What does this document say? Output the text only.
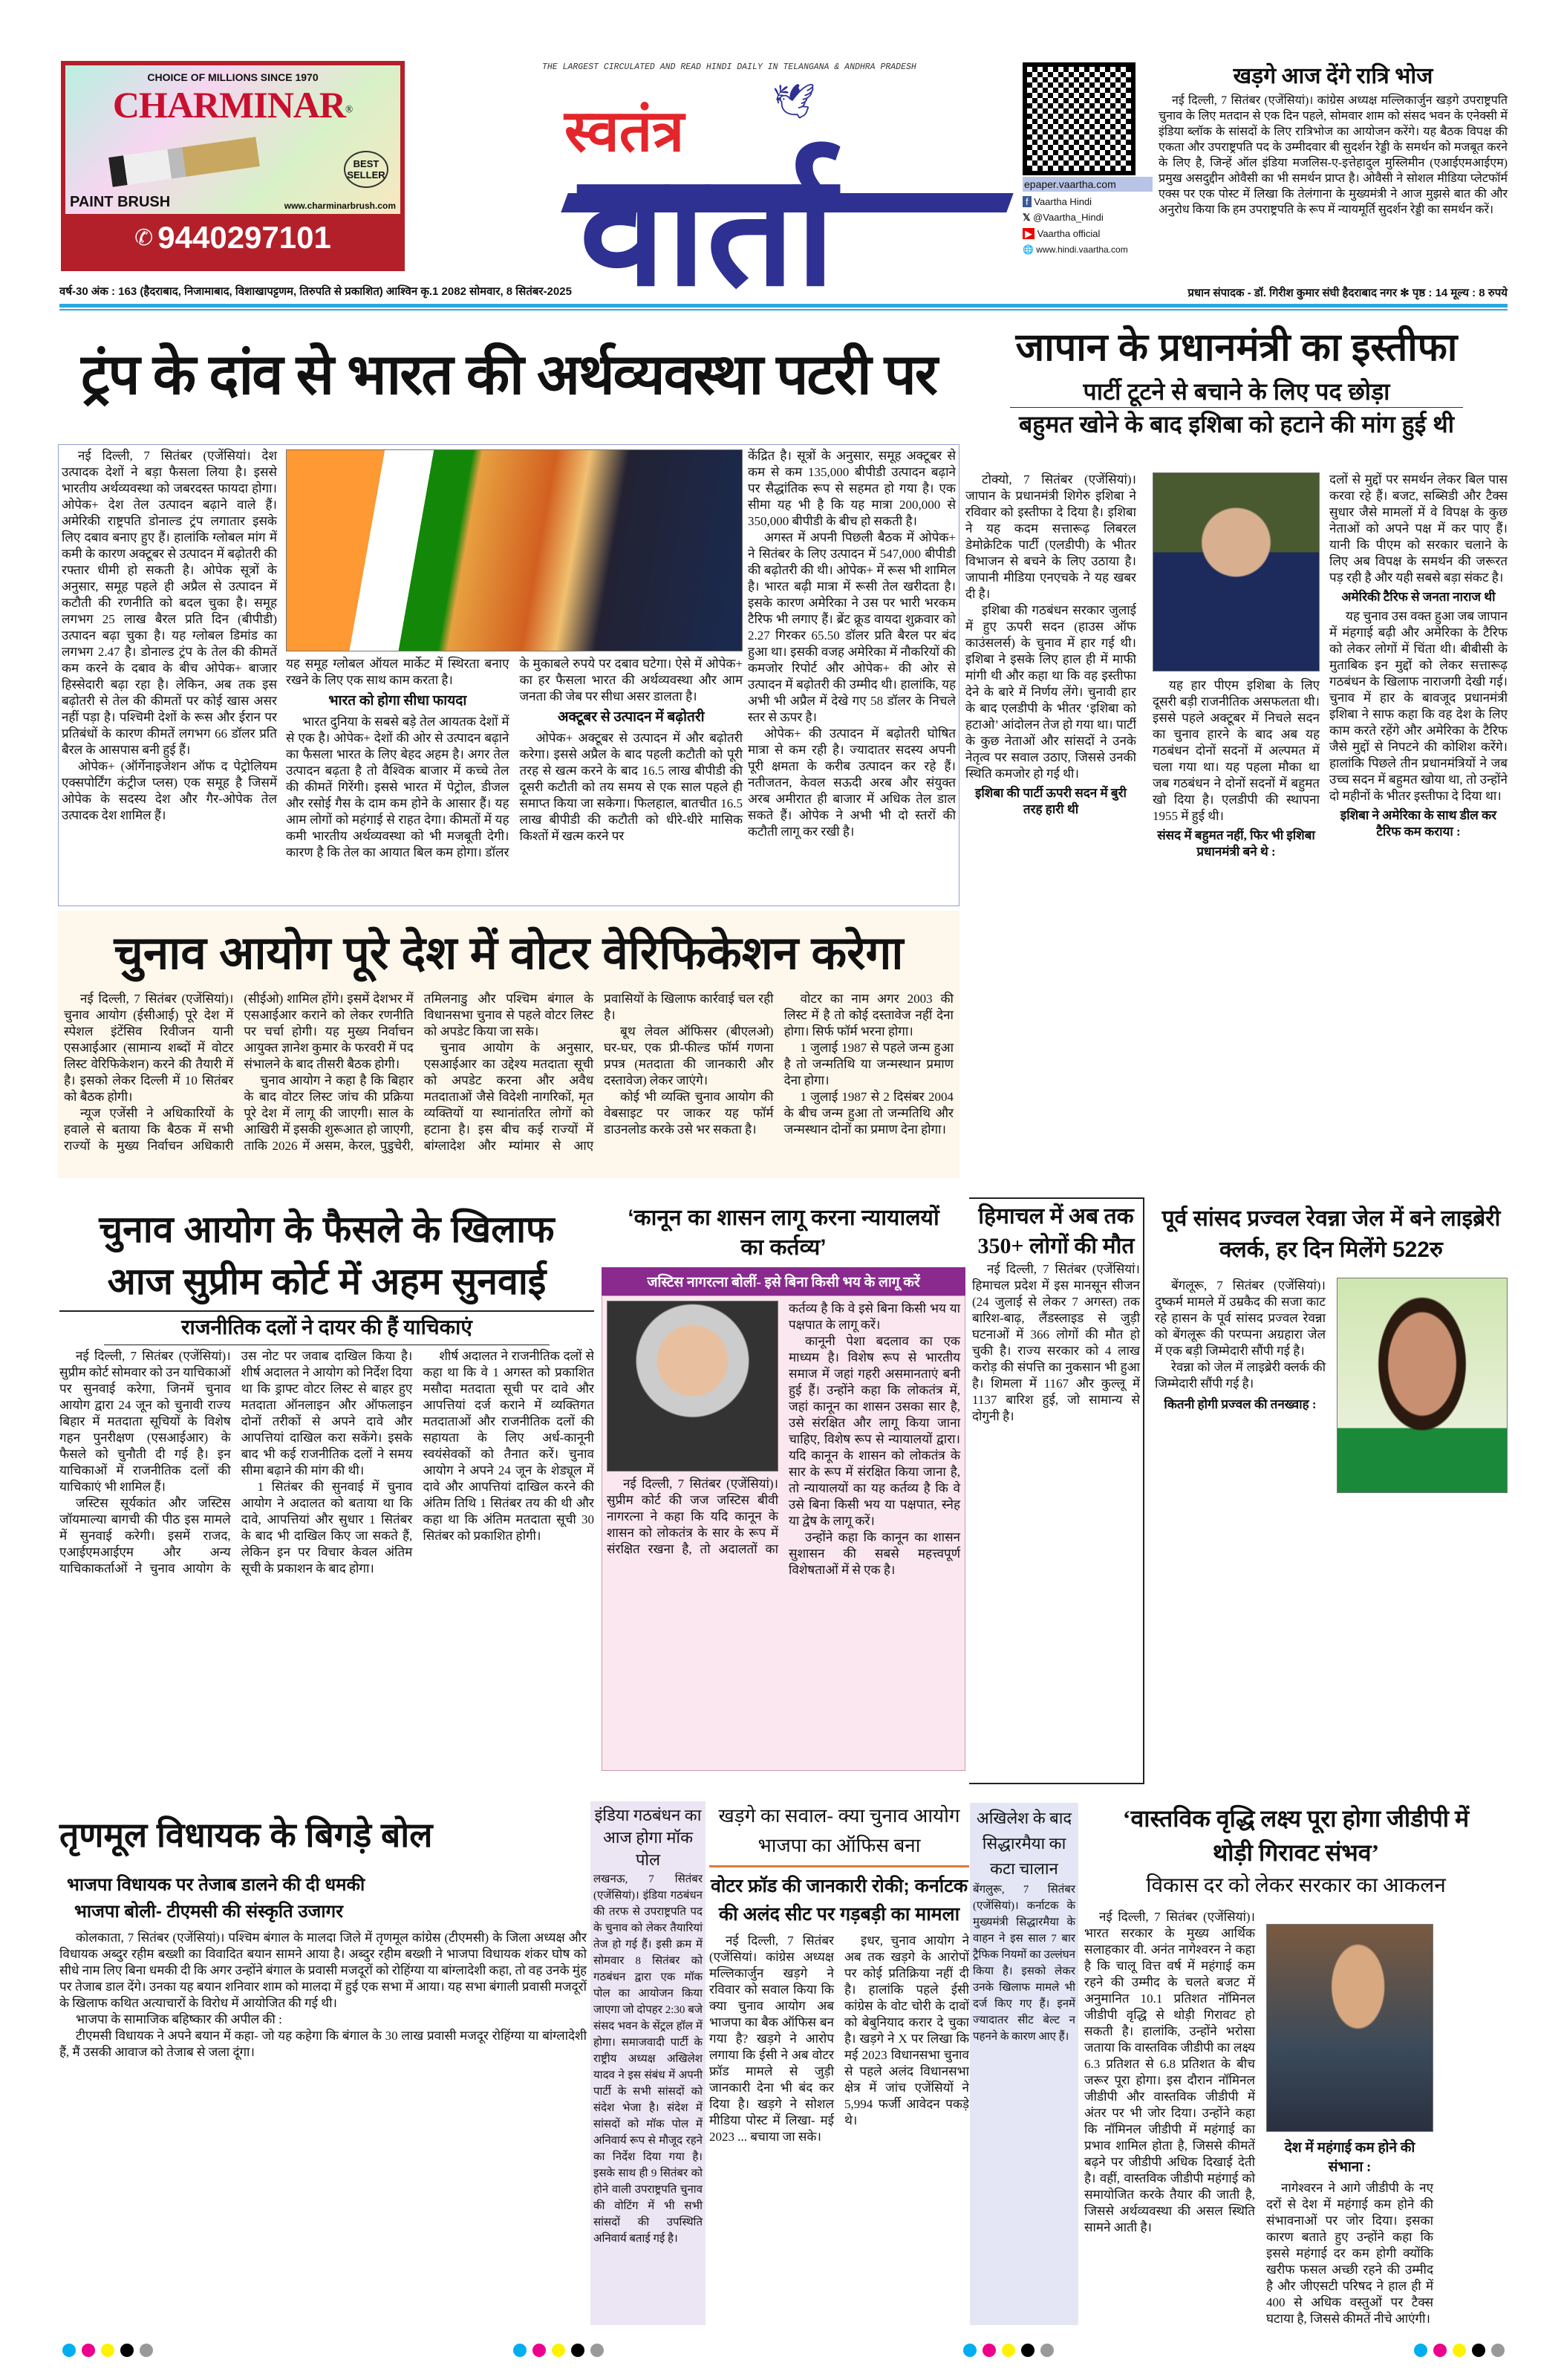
CHOICE OF MILLIONS SINCE 1970
CHARMINAR®
BEST SELLER
PAINT BRUSH	www.charminarbrush.com
✆ 9440297101
THE LARGEST CIRCULATED AND READ HINDI DAILY IN TELANGANA & ANDHRA PRADESH
स्वतंत्र	🕊
वार्ता	epaper.vaartha.com
f Vaartha Hindi
𝕏 @Vaartha_Hindi
▶ Vaartha official
🌐 www.hindi.vaartha.com
खड़गे आज देंगे रात्रि भोज

नई दिल्ली, 7 सितंबर (एजेंसियां)। कांग्रेस अध्यक्ष मल्लिकार्जुन खड़गे उपराष्ट्रपति चुनाव के लिए मतदान से एक दिन पहले, सोमवार शाम को संसद भवन के एनेक्सी में इंडिया ब्लॉक के सांसदों के लिए रात्रिभोज का आयोजन करेंगे। यह बैठक विपक्ष की एकता और उपराष्ट्रपति पद के उम्मीदवार बी सुदर्शन रेड्डी के समर्थन को मजबूत करने के लिए है, जिन्हें ऑल इंडिया मजलिस-ए-इत्तेहादुल मुस्लिमीन (एआईएमआईएम) प्रमुख असदुद्दीन ओवैसी का भी समर्थन प्राप्त है। ओवैसी ने सोशल मीडिया प्लेटफॉर्म एक्स पर एक पोस्ट में लिखा कि तेलंगाना के मुख्यमंत्री ने आज मुझसे बात की और अनुरोध किया कि हम उपराष्ट्रपति के रूप में न्यायमूर्ति सुदर्शन रेड्डी का समर्थन करें।

वर्ष-30 अंक : 163 (हैदराबाद, निजामाबाद, विशाखापट्टणम, तिरुपति से प्रकाशित) आश्विन कृ.1 2082 सोमवार, 8 सितंबर-2025	प्रधान संपादक - डॉ. गिरीश कुमार संघी हैदराबाद नगर ✻ पृष्ठ : 14 मूल्य : 8 रुपये
ट्रंप के दांव से भारत की अर्थव्यवस्था पटरी पर

नई दिल्ली, 7 सितंबर (एजेंसियां। देश उत्पादक देशों ने बड़ा फैसला लिया है। इससे भारतीय अर्थव्यवस्था को जबरदस्त फायदा होगा। ओपेक+ देश तेल उत्पादन बढ़ाने वाले हैं। अमेरिकी राष्ट्रपति डोनाल्ड ट्रंप लगातार इसके लिए दबाव बनाए हुए हैं। हालांकि ग्लोबल मांग में कमी के कारण अक्टूबर से उत्पादन में बढ़ोतरी की रफ्तार धीमी हो सकती है। ओपेक सूत्रों के अनुसार, समूह पहले ही अप्रैल से उत्पादन में कटौती की रणनीति को बदल चुका है। समूह लगभग 25 लाख बैरल प्रति दिन (बीपीडी) उत्पादन बढ़ा चुका है। यह ग्लोबल डिमांड का लगभग 2.47 है। डोनाल्ड ट्रंप के तेल की कीमतें कम करने के दबाव के बीच ओपेक+ बाजार हिस्सेदारी बढ़ा रहा है। लेकिन, अब तक इस बढ़ोतरी से तेल की कीमतों पर कोई खास असर नहीं पड़ा है। पश्चिमी देशों के रूस और ईरान पर प्रतिबंधों के कारण कीमतें लगभग 66 डॉलर प्रति बैरल के आसपास बनी हुई हैं।

ओपेक+ (ऑर्गेनाइजेशन ऑफ द पेट्रोलियम एक्सपोर्टिंग कंट्रीज प्लस) एक समूह है जिसमें ओपेक के सदस्य देश और गैर-ओपेक तेल उत्पादक देश शामिल हैं।

यह समूह ग्लोबल ऑयल मार्केट में स्थिरता बनाए रखने के लिए एक साथ काम करता है।

भारत को होगा सीधा फायदा

भारत दुनिया के सबसे बड़े तेल आयतक देशों में से एक है। ओपेक+ देशों की ओर से उत्पादन बढ़ाने का फैसला भारत के लिए बेहद अहम है। अगर तेल उत्पादन बढ़ता है तो वैश्विक बाजार में कच्चे तेल की कीमतें गिरेंगी। इससे भारत में पेट्रोल, डीजल और रसोई गैस के दाम कम होने के आसार हैं। यह आम लोगों को महंगाई से राहत देगा। कीमतों में यह कमी भारतीय अर्थव्यवस्था को भी मजबूती देगी। कारण है कि तेल का आयात बिल कम होगा। डॉलर के मुकाबले रुपये पर दबाव घटेगा। ऐसे में ओपेक+ का हर फैसला भारत की अर्थव्यवस्था और आम जनता की जेब पर सीधा असर डालता है।

अक्टूबर से उत्पादन में बढ़ोतरी

ओपेक+ अक्टूबर से उत्पादन में और बढ़ोतरी करेगा। इससे अप्रैल के बाद पहली कटौती को पूरी तरह से खत्म करने के बाद 16.5 लाख बीपीडी की दूसरी कटौती को तय समय से एक साल पहले ही समाप्त किया जा सकेगा। फिलहाल, बातचीत 16.5 लाख बीपीडी की कटौती को धीरे-धीरे मासिक किश्तों में खत्म करने पर

केंद्रित है। सूत्रों के अनुसार, समूह अक्टूबर से कम से कम 135,000 बीपीडी उत्पादन बढ़ाने पर सैद्धांतिक रूप से सहमत हो गया है। एक सीमा यह भी है कि यह मात्रा 200,000 से 350,000 बीपीडी के बीच हो सकती है।

अगस्त में अपनी पिछली बैठक में ओपेक+ ने सितंबर के लिए उत्पादन में 547,000 बीपीडी की बढ़ोतरी की थी। ओपेक+ में रूस भी शामिल है। भारत बढ़ी मात्रा में रूसी तेल खरीदता है। इसके कारण अमेरिका ने उस पर भारी भरकम टैरिफ भी लगाए हैं। ब्रेंट क्रूड वायदा शुक्रवार को 2.27 गिरकर 65.50 डॉलर प्रति बैरल पर बंद हुआ था। इसकी वजह अमेरिका में नौकरियों की कमजोर रिपोर्ट और ओपेक+ की ओर से उत्पादन में बढ़ोतरी की उम्मीद थी। हालांकि, यह अभी भी अप्रैल में देखे गए 58 डॉलर के निचले स्तर से ऊपर है।

ओपेक+ की उत्पादन में बढ़ोतरी घोषित मात्रा से कम रही है। ज्यादातर सदस्य अपनी पूरी क्षमता के करीब उत्पादन कर रहे हैं। नतीजतन, केवल सऊदी अरब और संयुक्त अरब अमीरात ही बाजार में अधिक तेल डाल सकते हैं। ओपेक ने अभी भी दो स्तरों की कटौती लागू कर रखी है।

जापान के प्रधानमंत्री का इस्तीफा
पार्टी टूटने से बचाने के लिए पद छोड़ा
बहुमत खोने के बाद इशिबा को हटाने की मांग हुई थी

टोक्यो, 7 सितंबर (एजेंसियां)। जापान के प्रधानमंत्री शिगेरु इशिबा ने रविवार को इस्तीफा दे दिया है। इशिबा ने यह कदम सत्तारूढ़ लिबरल डेमोक्रेटिक पार्टी (एलडीपी) के भीतर विभाजन से बचने के लिए उठाया है। जापानी मीडिया एनएचके ने यह खबर दी है।

इशिबा की गठबंधन सरकार जुलाई में हुए ऊपरी सदन (हाउस ऑफ काउंसलर्स) के चुनाव में हार गई थी। इशिबा ने इसके लिए हाल ही में माफी मांगी थी और कहा था कि वह इस्तीफा देने के बारे में निर्णय लेंगे। चुनावी हार के बाद एलडीपी के भीतर ‘इशिबा को हटाओ’ आंदोलन तेज हो गया था। पार्टी के कुछ नेताओं और सांसदों ने उनके नेतृत्व पर सवाल उठाए, जिससे उनकी स्थिति कमजोर हो गई थी।

इशिबा की पार्टी ऊपरी सदन में बुरी तरह हारी थी

यह हार पीएम इशिबा के लिए दूसरी बड़ी राजनीतिक असफलता थी। इससे पहले अक्टूबर में निचले सदन का चुनाव हारने के बाद अब यह गठबंधन दोनों सदनों में अल्पमत में चला गया था। यह पहला मौका था जब गठबंधन ने दोनों सदनों में बहुमत खो दिया है। एलडीपी की स्थापना 1955 में हुई थी।

संसद में बहुमत नहीं, फिर भी इशिबा प्रधानमंत्री बने थे :

दलों से मुद्दों पर समर्थन लेकर बिल पास करवा रहे हैं। बजट, सब्सिडी और टैक्स सुधार जैसे मामलों में वे विपक्ष के कुछ नेताओं को अपने पक्ष में कर पाए हैं। यानी कि पीएम को सरकार चलाने के लिए अब विपक्ष के समर्थन की जरूरत पड़ रही है और यही सबसे बड़ा संकट है।

अमेरिकी टैरिफ से जनता नाराज थी

यह चुनाव उस वक्त हुआ जब जापान में मंहगाई बढ़ी और अमेरिका के टैरिफ को लेकर लोगों में चिंता थी। बीबीसी के मुताबिक इन मुद्दों को लेकर सत्तारूढ़ गठबंधन के खिलाफ नाराजगी देखी गई। चुनाव में हार के बावजूद प्रधानमंत्री इशिबा ने साफ कहा कि वह देश के लिए काम करते रहेंगे और अमेरिका के टैरिफ जैसे मुद्दों से निपटने की कोशिश करेंगे। हालांकि पिछले तीन प्रधानमंत्रियों ने जब उच्च सदन में बहुमत खोया था, तो उन्होंने दो महीनों के भीतर इस्तीफा दे दिया था।

इशिबा ने अमेरिका के साथ डील कर टैरिफ कम कराया :
चुनाव आयोग पूरे देश में वोटर वेरिफिकेशन करेगा

नई दिल्ली, 7 सितंबर (एजेंसियां)। चुनाव आयोग (ईसीआई) पूरे देश में स्पेशल इंटेंसिव रिवीजन यानी एसआईआर (सामान्य शब्दों में वोटर लिस्ट वेरिफिकेशन) करने की तैयारी में है। इसको लेकर दिल्ली में 10 सितंबर को बैठक होगी।

न्यूज एजेंसी ने अधिकारियों के हवाले से बताया कि बैठक में सभी राज्यों के मुख्य निर्वाचन अधिकारी (सीईओ) शामिल होंगे। इसमें देशभर में एसआईआर कराने को लेकर रणनीति पर चर्चा होगी। यह मुख्य निर्वाचन आयुक्त ज्ञानेश कुमार के फरवरी में पद संभालने के बाद तीसरी बैठक होगी।

चुनाव आयोग ने कहा है कि बिहार के बाद वोटर लिस्ट जांच की प्रक्रिया पूरे देश में लागू की जाएगी। साल के आखिरी में इसकी शुरूआत हो जाएगी, ताकि 2026 में असम, केरल, पुडुचेरी, तमिलनाडु और पश्चिम बंगाल के विधानसभा चुनाव से पहले वोटर लिस्ट को अपडेट किया जा सके।

चुनाव आयोग के अनुसार, एसआईआर का उद्देश्य मतदाता सूची को अपडेट करना और अवैध मतदाताओं जैसे विदेशी नागरिकों, मृत व्यक्तियों या स्थानांतरित लोगों को हटाना है। इस बीच कई राज्यों में बांग्लादेश और म्यांमार से आए प्रवासियों के खिलाफ कार्रवाई चल रही है।

बूथ लेवल ऑफिसर (बीएलओ) घर-घर, एक प्री-फील्ड फॉर्म गणना प्रपत्र (मतदाता की जानकारी और दस्तावेज) लेकर जाएंगे।

कोई भी व्यक्ति चुनाव आयोग की वेबसाइट पर जाकर यह फॉर्म डाउनलोड करके उसे भर सकता है।

वोटर का नाम अगर 2003 की लिस्ट में है तो कोई दस्तावेज नहीं देना होगा। सिर्फ फॉर्म भरना होगा।

1 जुलाई 1987 से पहले जन्म हुआ है तो जन्मतिथि या जन्मस्थान प्रमाण देना होगा।

1 जुलाई 1987 से 2 दिसंबर 2004 के बीच जन्म हुआ तो जन्मतिथि और जन्मस्थान दोनों का प्रमाण देना होगा।

चुनाव आयोग के फैसले के खिलाफ
आज सुप्रीम कोर्ट में अहम सुनवाई
राजनीतिक दलों ने दायर की हैं याचिकाएं

नई दिल्ली, 7 सितंबर (एजेंसियां)। सुप्रीम कोर्ट सोमवार को उन याचिकाओं पर सुनवाई करेगा, जिनमें चुनाव आयोग द्वारा 24 जून को चुनावी राज्य बिहार में मतदाता सूचियों के विशेष गहन पुनरीक्षण (एसआईआर) के फैसले को चुनौती दी गई है। इन याचिकाओं में राजनीतिक दलों की याचिकाएं भी शामिल हैं।

जस्टिस सूर्यकांत और जस्टिस जॉयमाल्या बागची की पीठ इस मामले में सुनवाई करेगी। इसमें राजद, एआईएमआईएम और अन्य याचिकाकर्ताओं ने चुनाव आयोग के उस नोट पर जवाब दाखिल किया है। शीर्ष अदालत ने आयोग को निर्देश दिया था कि ड्राफ्ट वोटर लिस्ट से बाहर हुए मतदाता ऑनलाइन और ऑफलाइन दोनों तरीकों से अपने दावे और आपत्तियां दाखिल करा सकेंगे। इसके बाद भी कई राजनीतिक दलों ने समय सीमा बढ़ाने की मांग की थी।

1 सितंबर की सुनवाई में चुनाव आयोग ने अदालत को बताया था कि दावे, आपत्तियां और सुधार 1 सितंबर के बाद भी दाखिल किए जा सकते हैं, लेकिन इन पर विचार केवल अंतिम सूची के प्रकाशन के बाद होगा।

शीर्ष अदालत ने राजनीतिक दलों से कहा था कि वे 1 अगस्त को प्रकाशित मसौदा मतदाता सूची पर दावे और आपत्तियां दर्ज कराने में व्यक्तिगत मतदाताओं और राजनीतिक दलों की सहायता के लिए अर्ध-कानूनी स्वयंसेवकों को तैनात करें। चुनाव आयोग ने अपने 24 जून के शेड्यूल में दावे और आपत्तियां दाखिल करने की अंतिम तिथि 1 सितंबर तय की थी और कहा था कि अंतिम मतदाता सूची 30 सितंबर को प्रकाशित होगी।

‘कानून का शासन लागू करना न्यायालयों का कर्तव्य’
जस्टिस नागरत्ना बोलीं- इसे बिना किसी भय के लागू करें

नई दिल्ली, 7 सितंबर (एजेंसियां)। सुप्रीम कोर्ट की जज जस्टिस बीवी नागरत्ना ने कहा कि यदि कानून के शासन को लोकतंत्र के सार के रूप में संरक्षित रखना है, तो अदालतों का कर्तव्य है कि वे इसे बिना किसी भय या पक्षपात के लागू करें।

कानूनी पेशा बदलाव का एक माध्यम है। विशेष रूप से भारतीय समाज में जहां गहरी असमानताएं बनी हुई हैं। उन्होंने कहा कि लोकतंत्र में, जहां कानून का शासन उसका सार है, उसे संरक्षित और लागू किया जाना चाहिए, विशेष रूप से न्यायालयों द्वारा। यदि कानून के शासन को लोकतंत्र के सार के रूप में संरक्षित किया जाना है, तो न्यायालयों का यह कर्तव्य है कि वे उसे बिना किसी भय या पक्षपात, स्नेह या द्वेष के लागू करें।

उन्होंने कहा कि कानून का शासन सुशासन की सबसे महत्त्वपूर्ण विशेषताओं में से एक है।

हिमाचल में अब तक 350+ लोगों की मौत

नई दिल्ली, 7 सितंबर (एजेंसियां। हिमाचल प्रदेश में इस मानसून सीजन (24 जुलाई से लेकर 7 अगस्त) तक बारिश-बाढ़, लैंडस्लाइड से जुड़ी घटनाओं में 366 लोगों की मौत हो चुकी है। राज्य सरकार को 4 लाख करोड़ की संपत्ति का नुकसान भी हुआ है। शिमला में 1167 और कुल्लू में 1137 बारिश हुई, जो सामान्य से दोगुनी है।

पूर्व सांसद प्रज्वल रेवन्ना जेल में बने लाइब्रेरी क्लर्क, हर दिन मिलेंगे 522रु

बेंगलूरू, 7 सितंबर (एजेंसियां)। दुष्कर्म मामले में उम्रकैद की सजा काट रहे हासन के पूर्व सांसद प्रज्वल रेवन्ना को बेंगलूरू की परप्पना अग्रहारा जेल में एक बड़ी जिम्मेदारी सौंपी गई है।

रेवन्ना को जेल में लाइब्रेरी क्लर्क की जिम्मेदारी सौंपी गई है।

कितनी होगी प्रज्वल की तनख्वाह :
तृणमूल विधायक के बिगड़े बोल
भाजपा विधायक पर तेजाब डालने की दी धमकी
भाजपा बोली- टीएमसी की संस्कृति उजागर

कोलकाता, 7 सितंबर (एजेंसियां)। पश्चिम बंगाल के मालदा जिले में तृणमूल कांग्रेस (टीएमसी) के जिला अध्यक्ष और विधायक अब्दुर रहीम बख्शी का विवादित बयान सामने आया है। अब्दुर रहीम बख्शी ने भाजपा विधायक शंकर घोष को सीधे नाम लिए बिना धमकी दी कि अगर उन्होंने बंगाल के प्रवासी मजदूरों को रोहिंग्या या बांग्लादेशी कहा, तो वह उनके मुंह पर तेजाब डाल देंगे। उनका यह बयान शनिवार शाम को मालदा में हुई एक सभा में आया। यह सभा बंगाली प्रवासी मजदूरों के खिलाफ कथित अत्याचारों के विरोध में आयोजित की गई थी।

भाजपा के सामाजिक बहिष्कार की अपील की :

टीएमसी विधायक ने अपने बयान में कहा- जो यह कहेगा कि बंगाल के 30 लाख प्रवासी मजदूर रोहिंग्या या बांग्लादेशी हैं, मैं उसकी आवाज को तेजाब से जला दूंगा।

इंडिया गठबंधन का आज होगा मॉक पोल

लखनऊ, 7 सितंबर (एजेंसियां)। इंडिया गठबंधन की तरफ से उपराष्ट्रपति पद के चुनाव को लेकर तैयारियां तेज हो गई हैं। इसी क्रम में सोमवार 8 सितंबर को गठबंधन द्वारा एक मॉक पोल का आयोजन किया जाएगा जो दोपहर 2:30 बजे संसद भवन के सेंट्रल हॉल में होगा। समाजवादी पार्टी के राष्ट्रीय अध्यक्ष अखिलेश यादव ने इस संबंध में अपनी पार्टी के सभी सांसदों को संदेश भेजा है। संदेश में सांसदों को मॉक पोल में अनिवार्य रूप से मौजूद रहने का निर्देश दिया गया है। इसके साथ ही 9 सितंबर को होने वाली उपराष्ट्रपति चुनाव की वोटिंग में भी सभी सांसदों की उपस्थिति अनिवार्य बताई गई है।

खड़गे का सवाल- क्या चुनाव आयोग भाजपा का ऑफिस बना
वोटर फ्रॉड की जानकारी रोकी; कर्नाटक की अलंद सीट पर गड़बड़ी का मामला

नई दिल्ली, 7 सितंबर (एजेंसियां। कांग्रेस अध्यक्ष मल्लिकार्जुन खड़गे ने रविवार को सवाल किया कि क्या चुनाव आयोग अब भाजपा का बैक ऑफिस बन गया है? खड़गे ने आरोप लगाया कि ईसी ने अब वोटर फ्रॉड मामले से जुड़ी जानकारी देना भी बंद कर दिया है। खड़गे ने सोशल मीडिया पोस्ट में लिखा- मई 2023 ... बचाया जा सके।

इधर, चुनाव आयोग ने अब तक खड़गे के आरोपों पर कोई प्रतिक्रिया नहीं दी है। हालांकि पहले ईसी कांग्रेस के वोट चोरी के दावों को बेबुनियाद करार दे चुका है। खड़गे ने X पर लिखा कि मई 2023 विधानसभा चुनाव से पहले अलंद विधानसभा क्षेत्र में जांच एजेंसियों ने 5,994 फर्जी आवेदन पकड़े थे।

अखिलेश के बाद सिद्धारमैया का कटा चालान

बेंगलुरू, 7 सितंबर (एजेंसियां)। कर्नाटक के मुख्यमंत्री सिद्धारमैया के वाहन ने इस साल 7 बार ट्रैफिक नियमों का उल्लंघन किया है। इसको लेकर उनके खिलाफ मामले भी दर्ज किए गए हैं। इनमें ज्यादातर सीट बेल्ट न पहनने के कारण आए हैं।

‘वास्तविक वृद्धि लक्ष्य पूरा होगा जीडीपी में थोड़ी गिरावट संभव’
विकास दर को लेकर सरकार का आकलन

नई दिल्ली, 7 सितंबर (एजेंसियां)। भारत सरकार के मुख्य आर्थिक सलाहकार वी. अनंत नागेश्वरन ने कहा है कि चालू वित्त वर्ष में महंगाई कम रहने की उम्मीद के चलते बजट में अनुमानित 10.1 प्रतिशत नॉमिनल जीडीपी वृद्धि से थोड़ी गिरावट हो सकती है। हालांकि, उन्होंने भरोसा जताया कि वास्तविक जीडीपी का लक्ष्य 6.3 प्रतिशत से 6.8 प्रतिशत के बीच जरूर पूरा होगा। इस दौरान नॉमिनल जीडीपी और वास्तविक जीडीपी में अंतर पर भी जोर दिया। उन्होंने कहा कि नॉमिनल जीडीपी में महंगाई का प्रभाव शामिल होता है, जिससे कीमतें बढ़ने पर जीडीपी अधिक दिखाई देती है। वहीं, वास्तविक जीडीपी महंगाई को समायोजित करके तैयार की जाती है, जिससे अर्थव्यवस्था की असल स्थिति सामने आती है।

देश में महंगाई कम होने की संभाना :

नागेश्वरन ने आगे जीडीपी के नए दरों से देश में महंगाई कम होने की संभावनाओं पर जोर दिया। इसका कारण बताते हुए उन्होंने कहा कि इससे महंगाई दर कम होगी क्योंकि खरीफ फसल अच्छी रहने की उम्मीद है और जीएसटी परिषद ने हाल ही में 400 से अधिक वस्तुओं पर टैक्स घटाया है, जिससे कीमतें नीचे आएंगी।
